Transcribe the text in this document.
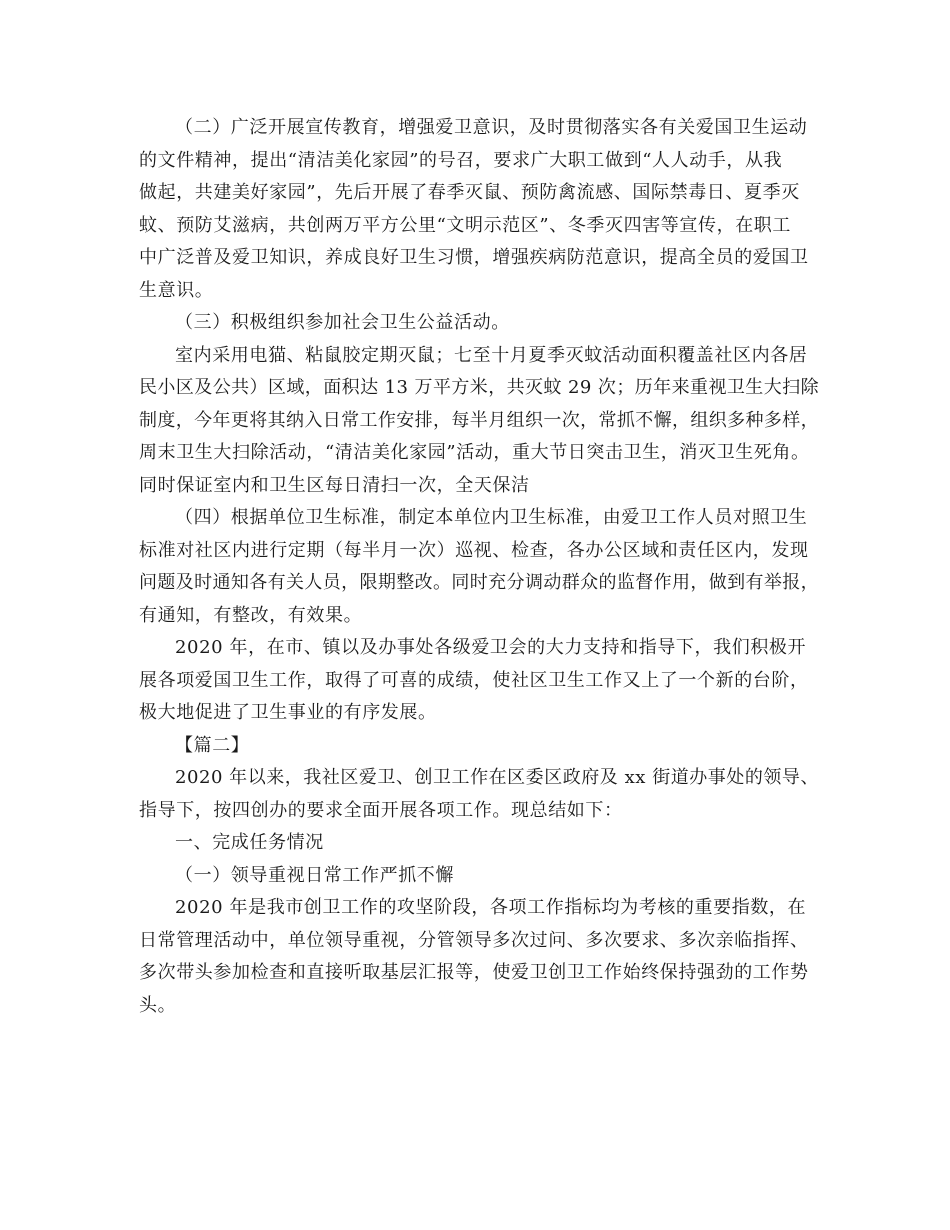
（二）广泛开展宣传教育，增强爱卫意识，及时贯彻落实各有关爱国卫生运动
的文件精神，提出“清洁美化家园”的号召，要求广大职工做到“人人动手，从我
做起，共建美好家园”，先后开展了春季灭鼠、预防禽流感、国际禁毒日、夏季灭
蚊、预防艾滋病，共创两万平方公里“文明示范区”、冬季灭四害等宣传，在职工
中广泛普及爱卫知识，养成良好卫生习惯，增强疾病防范意识，提高全员的爱国卫
生意识。
（三）积极组织参加社会卫生公益活动。
室内采用电猫、粘鼠胶定期灭鼠；七至十月夏季灭蚊活动面积覆盖社区内各居
民小区及公共）区域，面积达 13 万平方米，共灭蚊 29 次；历年来重视卫生大扫除
制度，今年更将其纳入日常工作安排，每半月组织一次，常抓不懈，组织多种多样，
周末卫生大扫除活动，“清洁美化家园”活动，重大节日突击卫生，消灭卫生死角。
同时保证室内和卫生区每日清扫一次，全天保洁
（四）根据单位卫生标准，制定本单位内卫生标准，由爱卫工作人员对照卫生
标准对社区内进行定期（每半月一次）巡视、检查，各办公区域和责任区内，发现
问题及时通知各有关人员，限期整改。同时充分调动群众的监督作用，做到有举报，
有通知，有整改，有效果。
2020 年，在市、镇以及办事处各级爱卫会的大力支持和指导下，我们积极开
展各项爱国卫生工作，取得了可喜的成绩，使社区卫生工作又上了一个新的台阶，
极大地促进了卫生事业的有序发展。
【篇二】
2020 年以来，我社区爱卫、创卫工作在区委区政府及 xx 街道办事处的领导、
指导下，按四创办的要求全面开展各项工作。现总结如下：
一、完成任务情况
（一）领导重视日常工作严抓不懈
2020 年是我市创卫工作的攻坚阶段，各项工作指标均为考核的重要指数，在
日常管理活动中，单位领导重视，分管领导多次过问、多次要求、多次亲临指挥、
多次带头参加检查和直接听取基层汇报等，使爱卫创卫工作始终保持强劲的工作势
头。
